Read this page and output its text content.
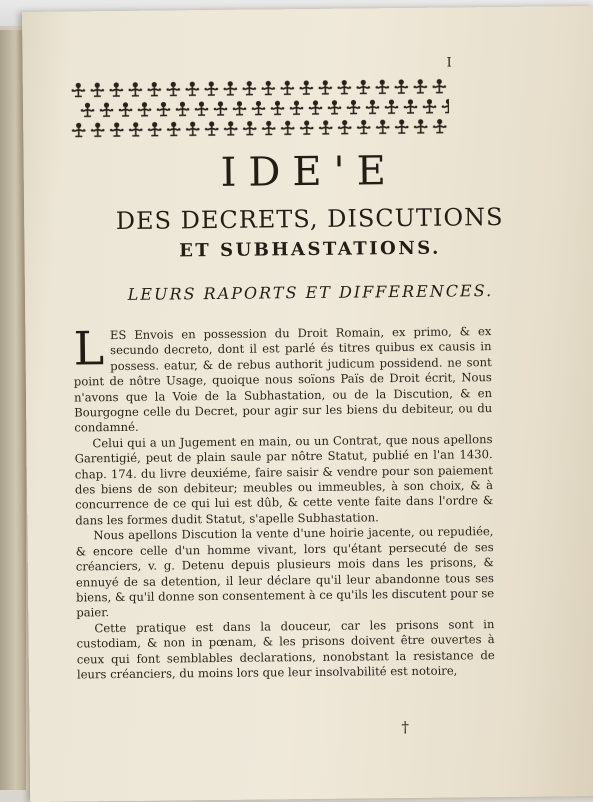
I
IDE'E
DES DECRETS, DISCUTIONS
ET SUBHASTATIONS.
LEURS RAPORTS ET DIFFERENCES.

LES Envois en possession du Droit Romain, ex primo, & ex secundo decreto, dont il est parlé és titres quibus ex causis in possess. eatur, & de rebus authorit judicum possidend. ne sont point de nôtre Usage, quoique nous soïons Païs de Droit écrit, Nous n'avons que la Voie de la Subhastation, ou de la Discution, & en Bourgogne celle du Decret, pour agir sur les biens du debiteur, ou du condamné.

Celui qui a un Jugement en main, ou un Contrat, que nous apellons Garentigié, peut de plain saule par nôtre Statut, publié en l'an 1430. chap. 174. du livre deuxiéme, faire saisir & vendre pour son paiement des biens de son debiteur; meubles ou immeubles, à son choix, & à concurrence de ce qui lui est dûb, & cette vente faite dans l'ordre & dans les formes dudit Statut, s'apelle Subhastation.

Nous apellons Discution la vente d'une hoirie jacente, ou repudiée, & encore celle d'un homme vivant, lors qu'étant persecuté de ses créanciers, v. g. Detenu depuis plusieurs mois dans les prisons, & ennuyé de sa detention, il leur déclare qu'il leur abandonne tous ses biens, & qu'il donne son consentement à ce qu'ils les discutent pour se paier.

Cette pratique est dans la douceur, car les prisons sont in custodiam, & non in pœnam, & les prisons doivent être ouvertes à ceux qui font semblables declarations, nonobstant la resistance de leurs créanciers, du moins lors que leur insolvabilité est notoire,

†
